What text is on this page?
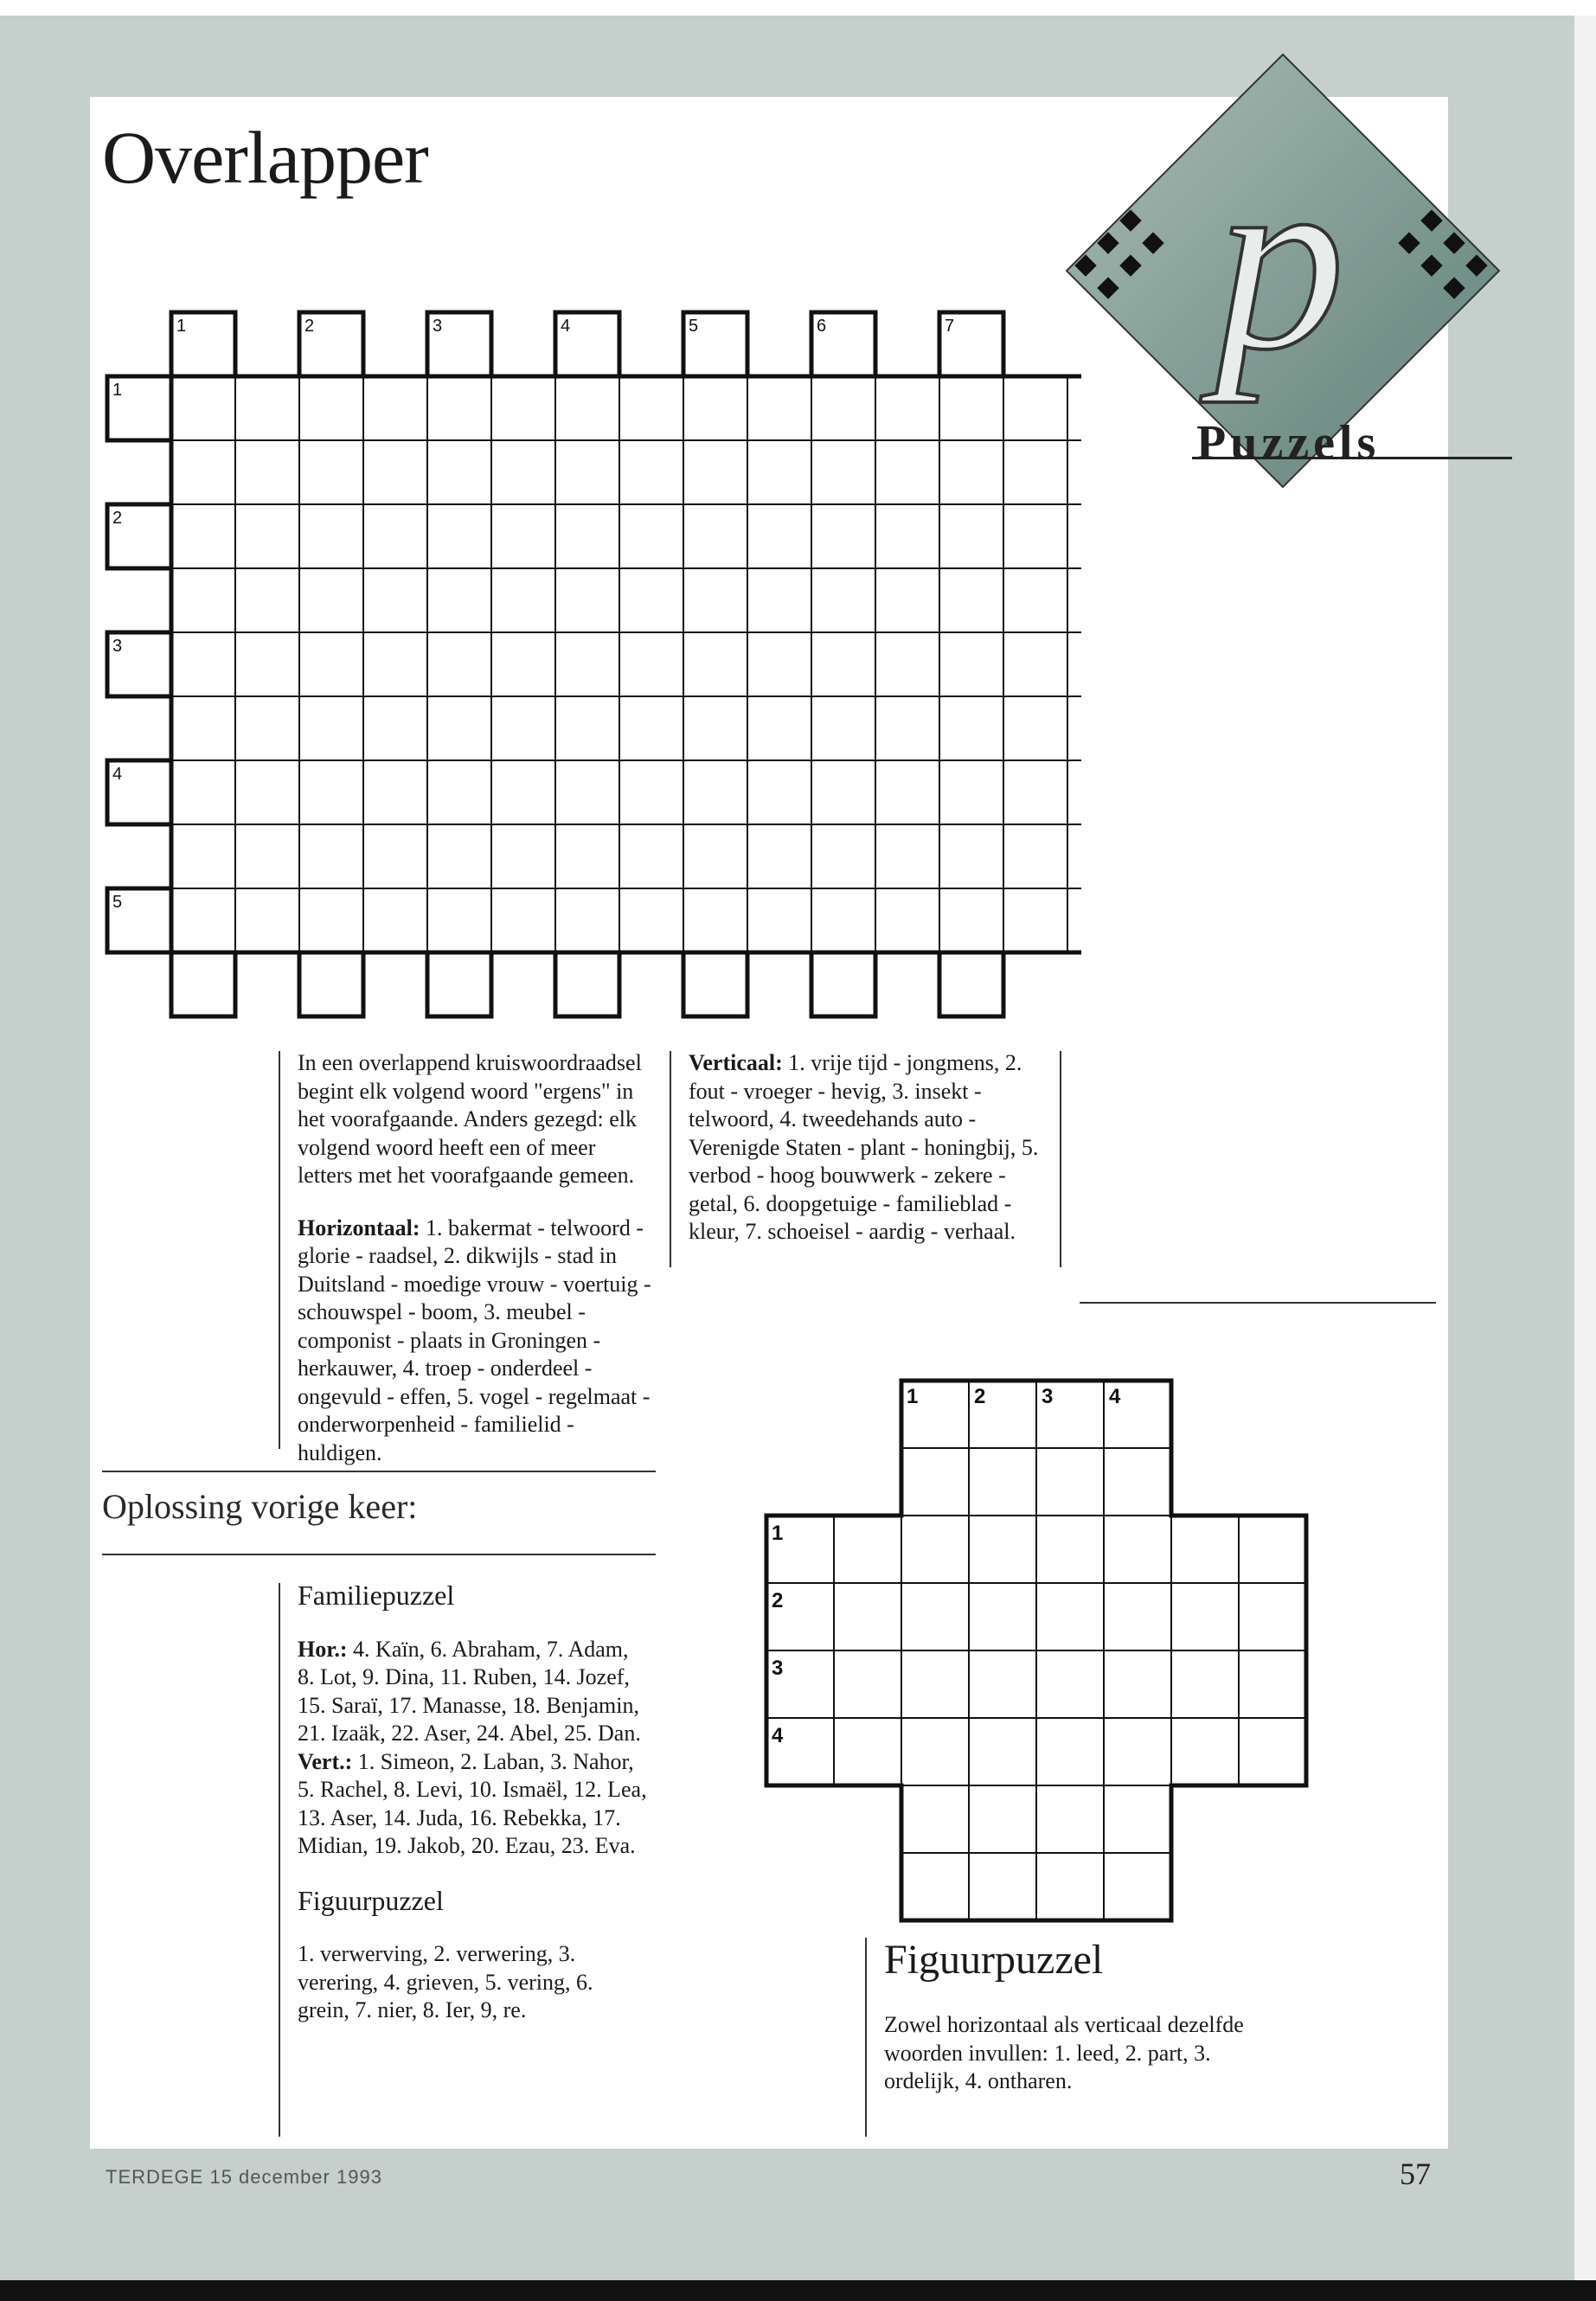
Overlapper	p
Puzzels
1	2	3	4	5	6	7
1
2
3
4
5

In een overlappend kruiswoordraadsel begint elk volgend woord "ergens" in het voorafgaande. Anders gezegd: elk volgend woord heeft een of meer letters met het voorafgaande gemeen.

Horizontaal: 1. bakermat - telwoord - glorie - raadsel, 2. dikwijls - stad in Duitsland - moedige vrouw - voertuig - schouwspel - boom, 3. meubel - componist - plaats in Groningen - herkauwer, 4. troep - onderdeel - ongevuld - effen, 5. vogel - regelmaat - onderworpenheid - familielid - huldigen.
Verticaal: 1. vrije tijd - jongmens, 2. fout - vroeger - hevig, 3. insekt - telwoord, 4. tweedehands auto - Verenigde Staten - plant - honingbij, 5. verbod - hoog bouwwerk - zekere - getal, 6. doopgetuige - familieblad - kleur, 7. schoeisel - aardig - verhaal.
Oplossing vorige keer:
Familiepuzzel
Hor.: 4. Kaïn, 6. Abraham, 7. Adam, 8. Lot, 9. Dina, 11. Ruben, 14. Jozef, 15. Saraï, 17. Manasse, 18. Benjamin, 21. Izaäk, 22. Aser, 24. Abel, 25. Dan.
Vert.: 1. Simeon, 2. Laban, 3. Nahor, 5. Rachel, 8. Levi, 10. Ismaël, 12. Lea, 13. Aser, 14. Juda, 16. Rebekka, 17. Midian, 19. Jakob, 20. Ezau, 23. Eva.
Figuurpuzzel
1. verwerving, 2. verwering, 3. verering, 4. grieven, 5. vering, 6. grein, 7. nier, 8. Ier, 9, re.
1	2	3	4
1
2
3
4
Figuurpuzzel
Zowel horizontaal als verticaal dezelfde woorden invullen: 1. leed, 2. part, 3. ordelijk, 4. ontharen.
TERDEGE 15 december 1993	57
